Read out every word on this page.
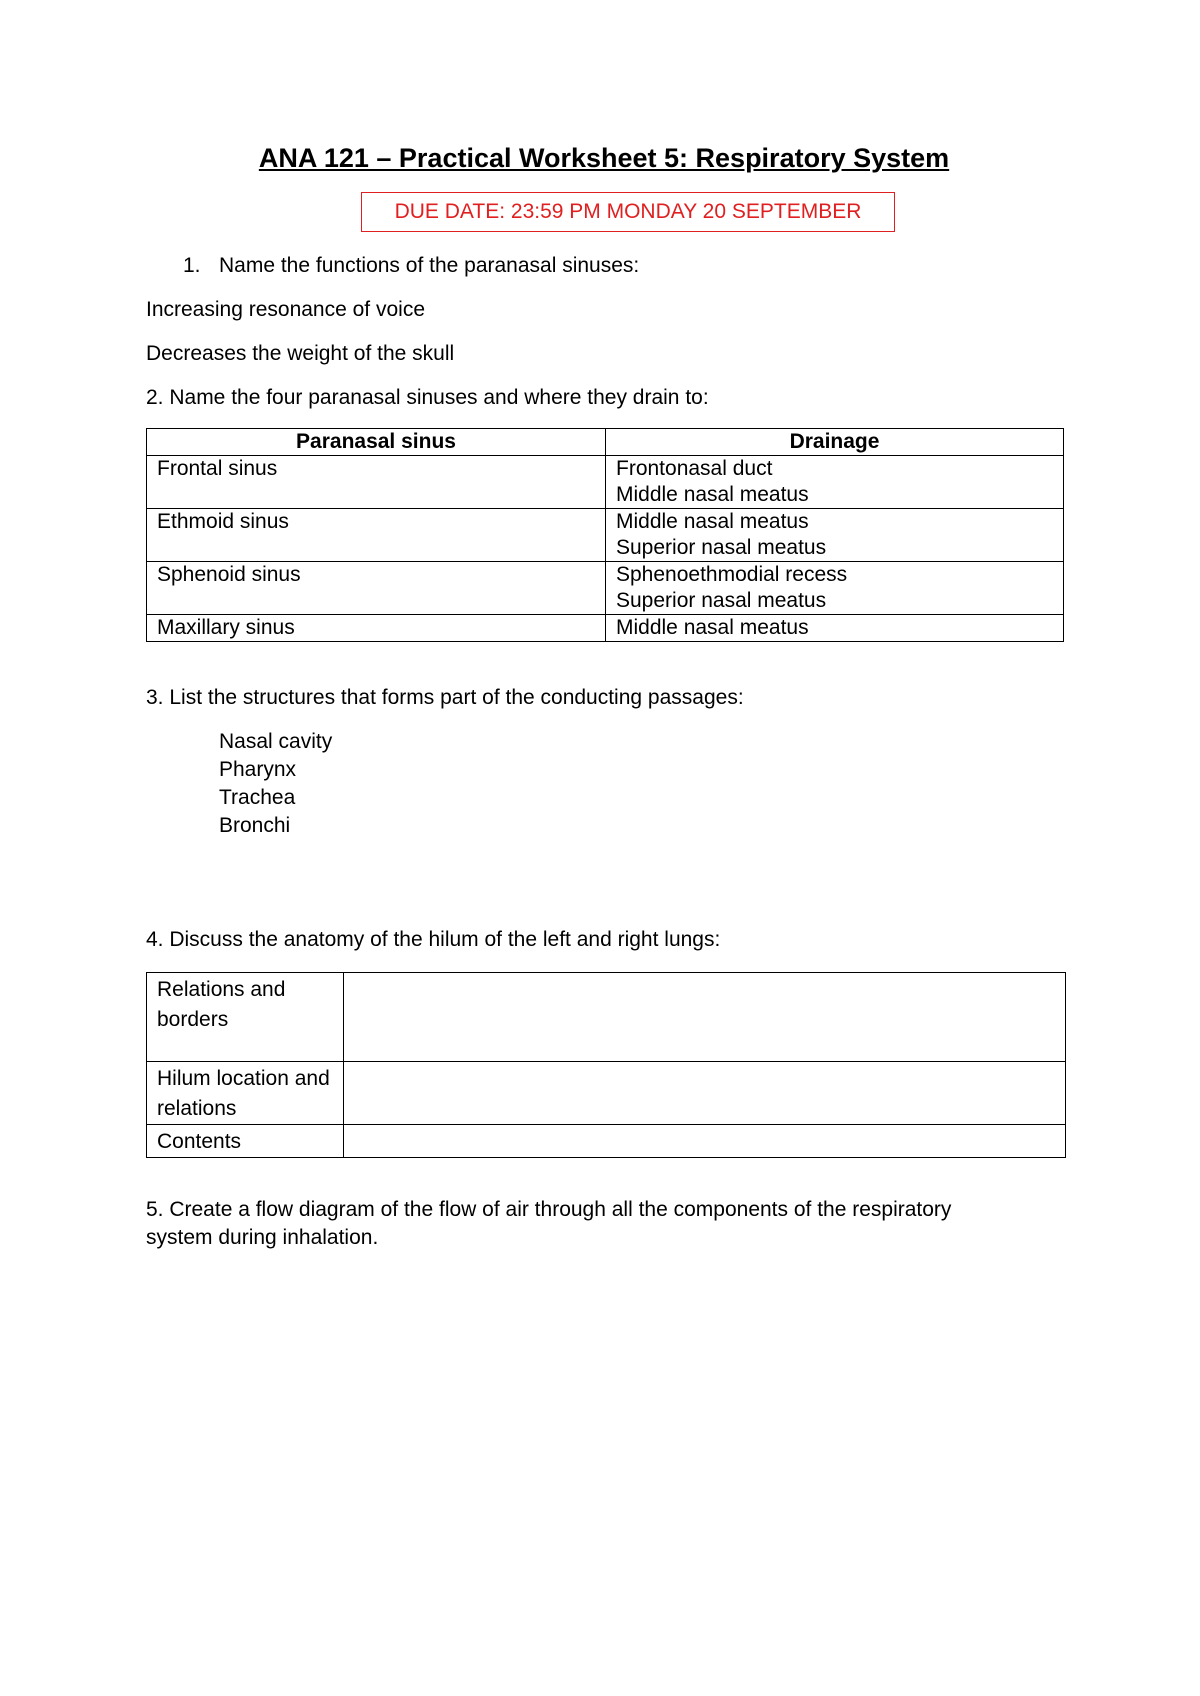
ANA 121 – Practical Worksheet 5: Respiratory System
DUE DATE: 23:59 PM MONDAY 20 SEPTEMBER
1. Name the functions of the paranasal sinuses:
Increasing resonance of voice
Decreases the weight of the skull
2. Name the four paranasal sinuses and where they drain to:
Paranasal sinus	Drainage
Frontal sinus	Frontonasal duct
Middle nasal meatus

Ethmoid sinus	Middle nasal meatus
Superior nasal meatus

Sphenoid sinus	Sphenoethmodial recess
Superior nasal meatus

Maxillary sinus	Middle nasal meatus
3. List the structures that forms part of the conducting passages:
Nasal cavity
Pharynx
Trachea
Bronchi
4. Discuss the anatomy of the hilum of the left and right lungs:
Relations and borders	
Hilum location and relations	
Contents	
5. Create a flow diagram of the flow of air through all the components of the respiratory
system during inhalation.
